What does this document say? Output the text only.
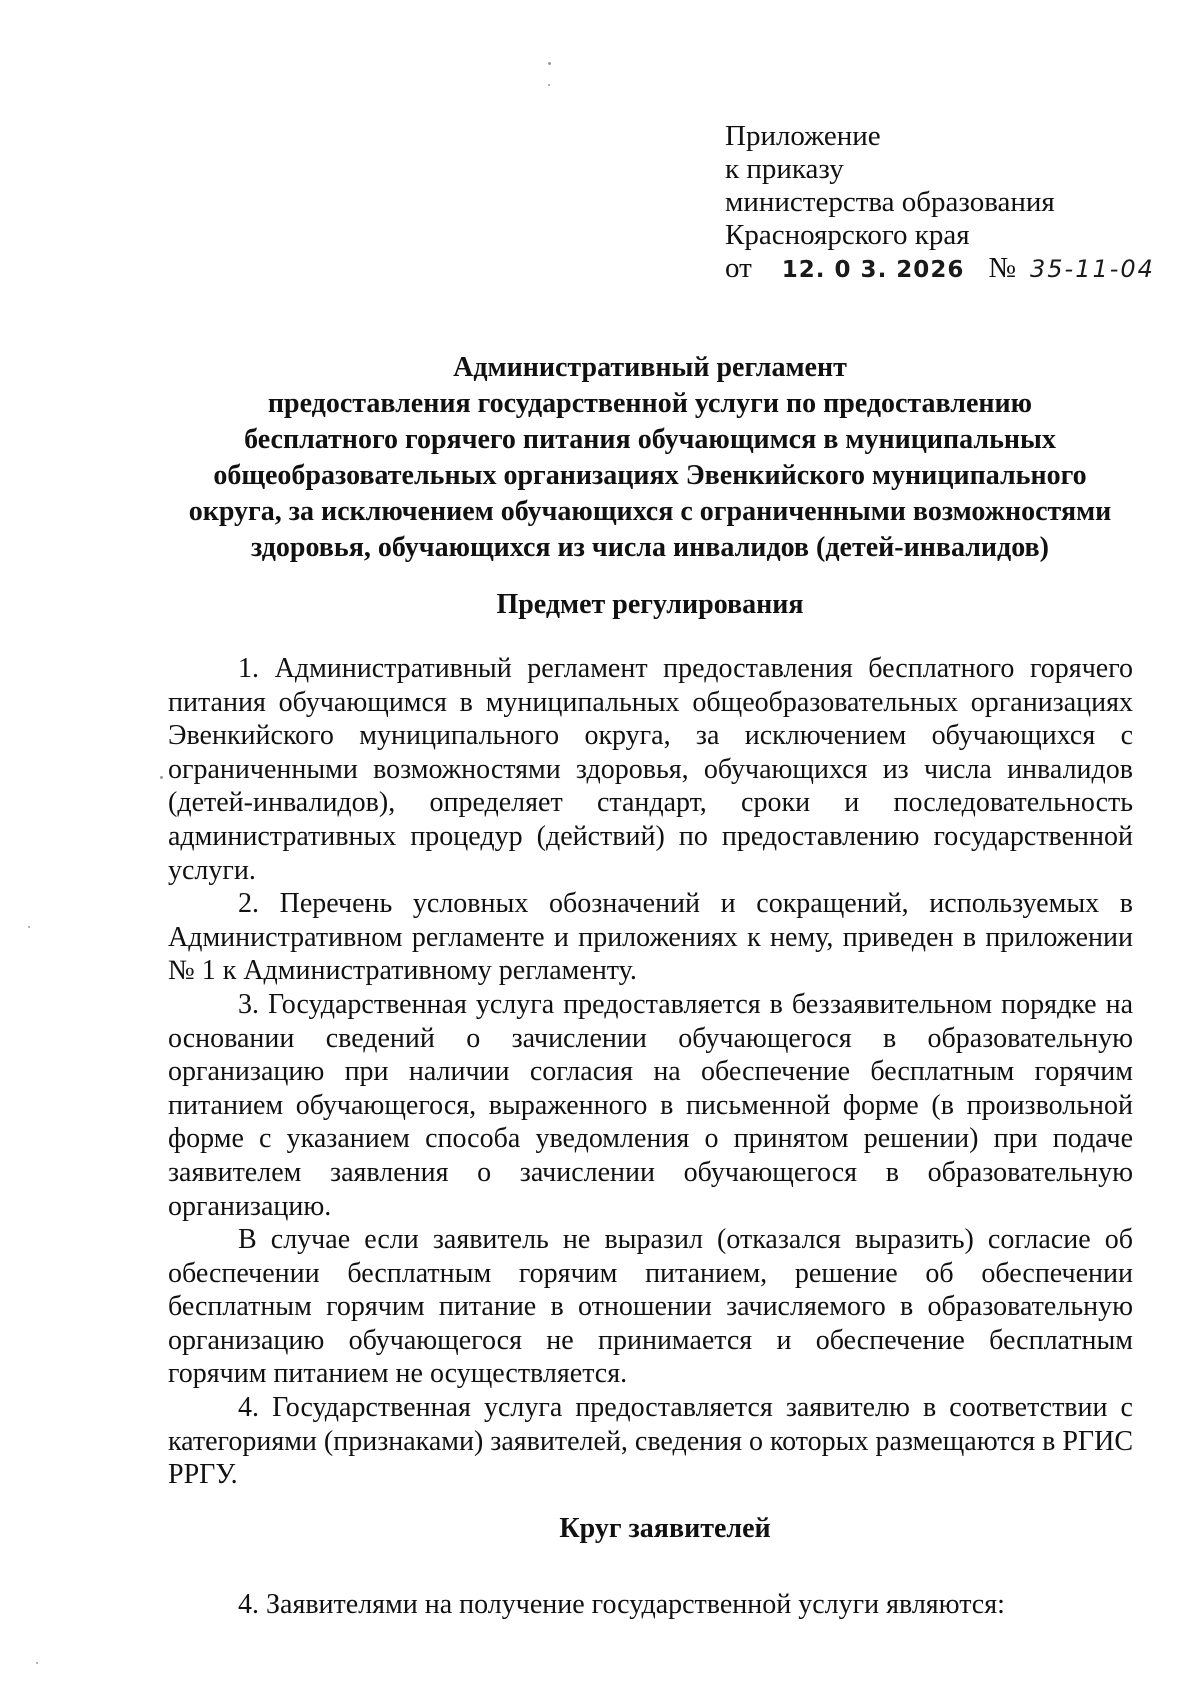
Приложение
к приказу
министерства образования
Красноярского края
от 12. 0 3. 2026 № 35-11-04
Административный регламент
предоставления государственной услуги по предоставлению
бесплатного горячего питания обучающимся в муниципальных
общеобразовательных организациях Эвенкийского муниципального
округа, за исключением обучающихся с ограниченными возможностями
здоровья, обучающихся из числа инвалидов (детей-инвалидов)
Предмет регулирования

1. Административный регламент предоставления бесплатного горячего питания обучающимся в муниципальных общеобразовательных организациях Эвенкийского муниципального округа, за исключением обучающихся с ограниченными возможностями здоровья, обучающихся из числа инвалидов (детей-инвалидов), определяет стандарт, сроки и последовательность административных процедур (действий) по предоставлению государственной услуги.

2. Перечень условных обозначений и сокращений, используемых в Административном регламенте и приложениях к нему, приведен в приложении № 1 к Административному регламенту.

3. Государственная услуга предоставляется в беззаявительном порядке на основании сведений о зачислении обучающегося в образовательную организацию при наличии согласия на обеспечение бесплатным горячим питанием обучающегося, выраженного в письменной форме (в произвольной форме с указанием способа уведомления о принятом решении) при подаче заявителем заявления о зачислении обучающегося в образовательную организацию.

В случае если заявитель не выразил (отказался выразить) согласие об обеспечении бесплатным горячим питанием, решение об обеспечении бесплатным горячим питание в отношении зачисляемого в образовательную организацию обучающегося не принимается и обеспечение бесплатным горячим питанием не осуществляется.

4. Государственная услуга предоставляется заявителю в соответствии с категориями (признаками) заявителей, сведения о которых размещаются в РГИС РРГУ.

Круг заявителей

4. Заявителями на получение государственной услуги являются:
